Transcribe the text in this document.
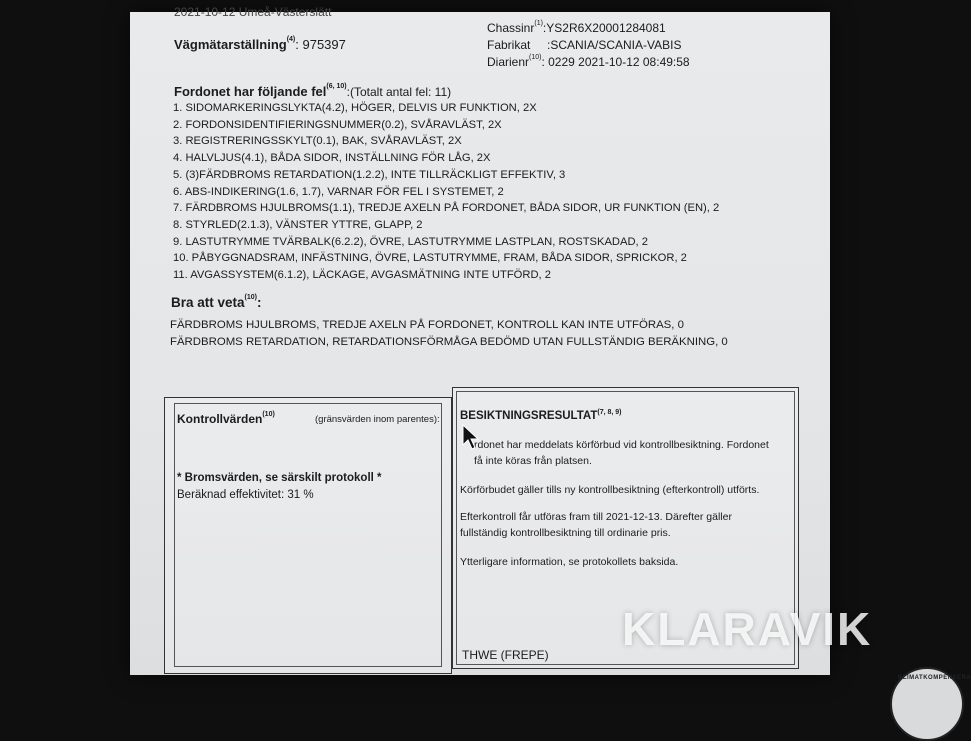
2021-10-12 Umeå-Västerslätt
Vägmätarställning$^{(4)}$: 975397
Chassinr$^{(1)}$:YS2R6X20001284081
Fabrikat :SCANIA/SCANIA-VABIS
Diarienr$^{(10)}$: 0229 2021-10-12 08:49:58
Fordonet har följande fel$^{(6, 10)}$:(Totalt antal fel: 11)
1. SIDOMARKERINGSLYKTA(4.2), HÖGER, DELVIS UR FUNKTION, 2X
2. FORDONSIDENTIFIERINGSNUMMER(0.2), SVÅRAVLÄST, 2X
3. REGISTRERINGSSKYLT(0.1), BAK, SVÅRAVLÄST, 2X
4. HALVLJUS(4.1), BÅDA SIDOR, INSTÄLLNING FÖR LÅG, 2X
5. (3)FÄRDBROMS RETARDATION(1.2.2), INTE TILLRÄCKLIGT EFFEKTIV, 3
6. ABS-INDIKERING(1.6, 1.7), VARNAR FÖR FEL I SYSTEMET, 2
7. FÄRDBROMS HJULBROMS(1.1), TREDJE AXELN PÅ FORDONET, BÅDA SIDOR, UR FUNKTION (EN), 2
8. STYRLED(2.1.3), VÄNSTER YTTRE, GLAPP, 2
9. LASTUTRYMME TVÄRBALK(6.2.2), ÖVRE, LASTUTRYMME LASTPLAN, ROSTSKADAD, 2
10. PÅBYGGNADSRAM, INFÄSTNING, ÖVRE, LASTUTRYMME, FRAM, BÅDA SIDOR, SPRICKOR, 2
11. AVGASSYSTEM(6.1.2), LÄCKAGE, AVGASMÄTNING INTE UTFÖRD, 2
Bra att veta$^{(10)}$:
FÄRDBROMS HJULBROMS, TREDJE AXELN PÅ FORDONET, KONTROLL KAN INTE UTFÖRAS, 0
FÄRDBROMS RETARDATION, RETARDATIONSFÖRMÅGA BEDÖMD UTAN FULLSTÄNDIG BERÄKNING, 0
Kontrollvärden$^{(10)}$	(gränsvärden inom parentes):
* Bromsvärden, se särskilt protokoll *
Beräknad effektivitet: 31 %
BESIKTNINGSRESULTAT$^{(7, 8, 9)}$
rdonet har meddelats körförbud vid kontrollbesiktning. Fordonet
få inte köras från platsen.
Körförbudet gäller tills ny kontrollbesiktning (efterkontroll) utförts.
Efterkontroll får utföras fram till 2021-12-13. Därefter gäller
fullständig kontrollbesiktning till ordinarie pris.
Ytterligare information, se protokollets baksida.
THWE (FREPE)
KLIMATKOMPENSERA
KLARAVIK
